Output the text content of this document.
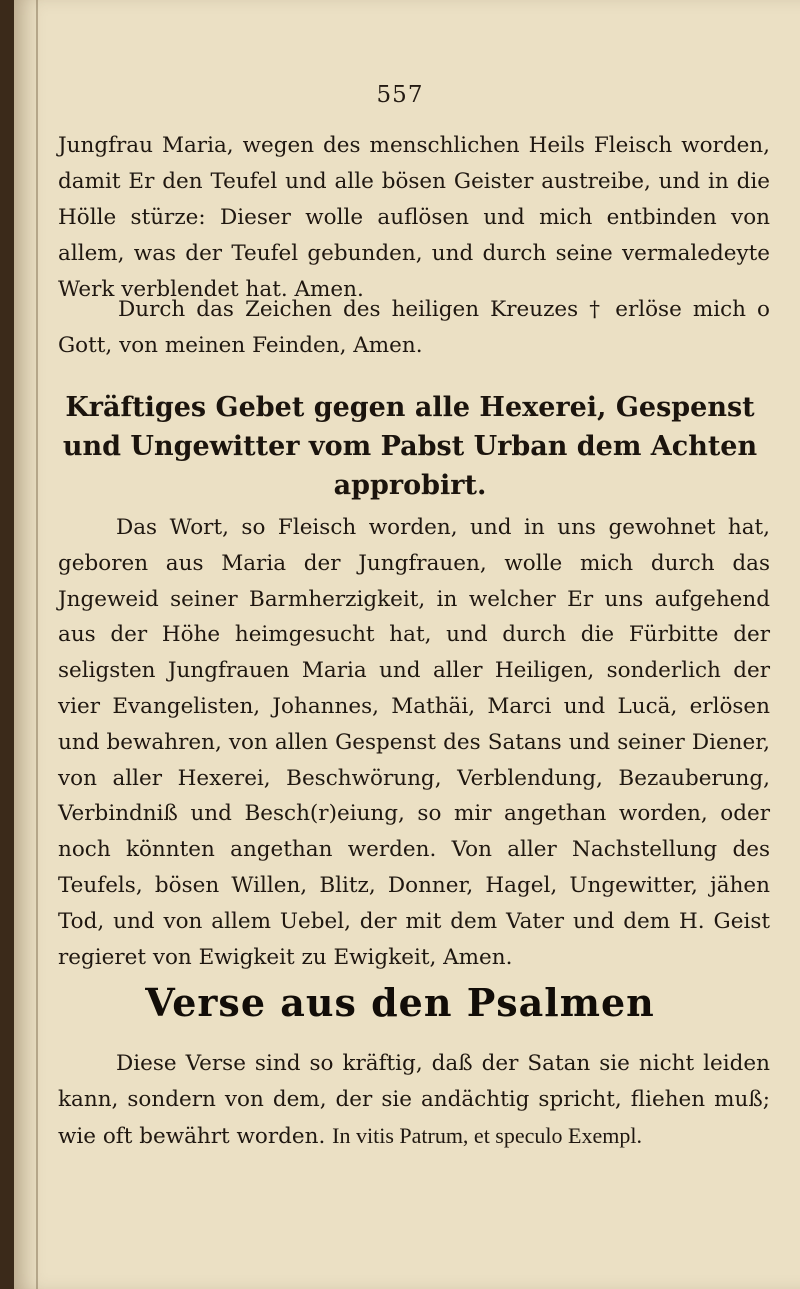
557
Jungfrau Maria, wegen des menschlichen Heils Fleisch worden, damit Er den Teufel und alle bösen Geister austreibe, und in die Hölle stürze: Dieser wolle auflösen und mich entbinden von allem, was der Teufel gebunden, und durch seine vermaledeyte Werk verblendet hat. Amen.
Durch das Zeichen des heiligen Kreuzes † erlöse mich o Gott, von meinen Feinden, Amen.
Kräftiges Gebet gegen alle Hexerei, Gespenst und Ungewitter vom Pabst Urban dem Achten approbirt.
Das Wort, so Fleisch worden, und in uns gewohnet hat, geboren aus Maria der Jungfrauen, wolle mich durch das Jngeweid seiner Barmherzigkeit, in welcher Er uns aufgehend aus der Höhe heimgesucht hat, und durch die Fürbitte der seligsten Jungfrauen Maria und aller Heiligen, sonderlich der vier Evangelisten, Johannes, Mathäi, Marci und Lucä, erlösen und bewahren, von allen Gespenst des Satans und seiner Diener, von aller Hexerei, Beschwörung, Verblendung, Bezauberung, Verbindniß und Besch(r)eiung, so mir angethan worden, oder noch könnten angethan werden. Von aller Nachstellung des Teufels, bösen Willen, Blitz, Donner, Hagel, Ungewitter, jähen Tod, und von allem Uebel, der mit dem Vater und dem H. Geist regieret von Ewigkeit zu Ewigkeit, Amen.
Verse aus den Psalmen
Diese Verse sind so kräftig, daß der Satan sie nicht leiden kann, sondern von dem, der sie andächtig spricht, fliehen muß; wie oft bewährt worden. In vitis Patrum, et speculo Exempl.
